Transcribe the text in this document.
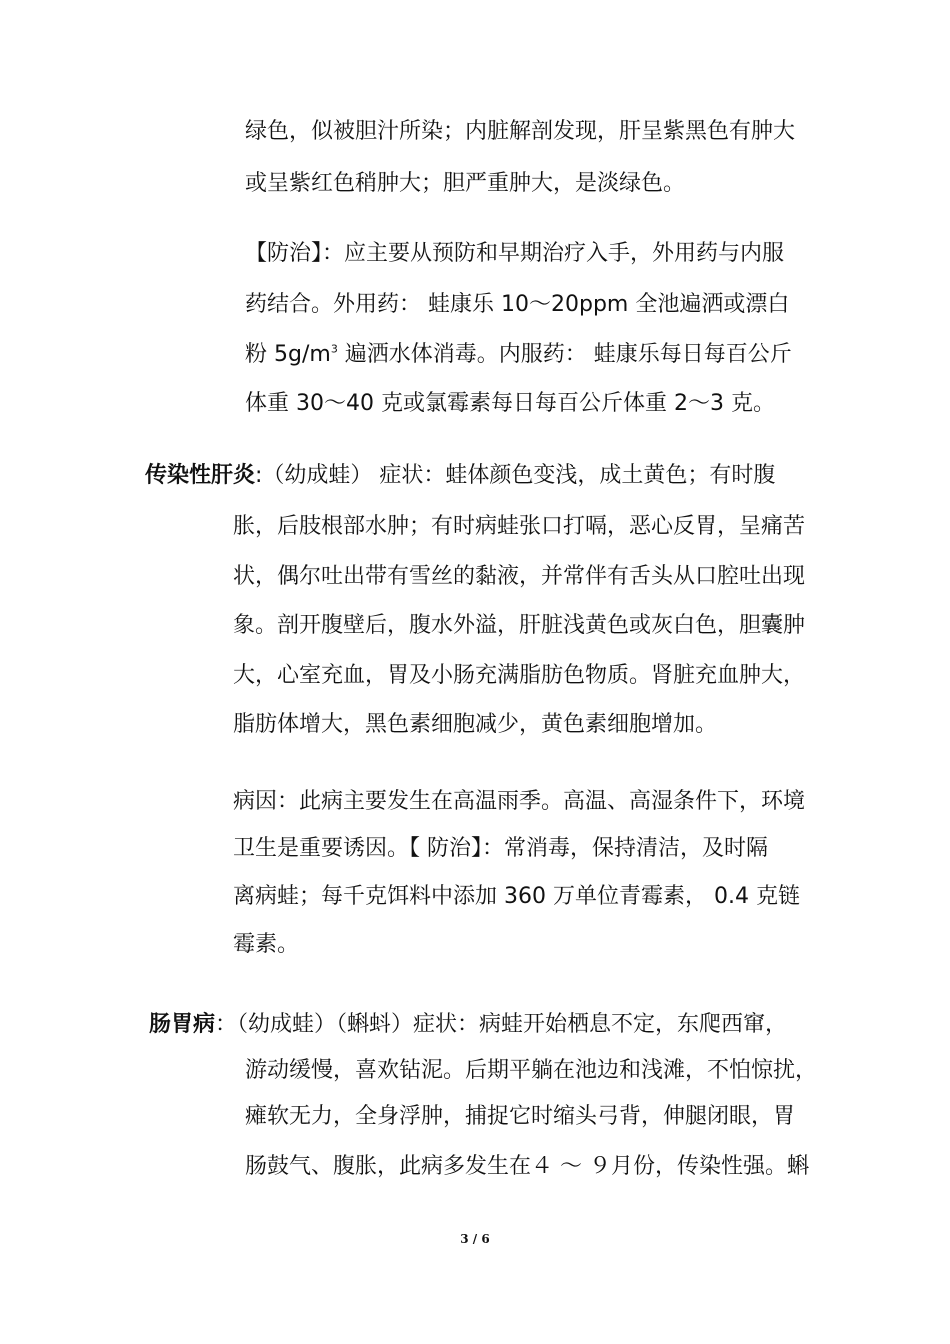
绿色，似被胆汁所染；内脏解剖发现，肝呈紫黑色有肿大
或呈紫红色稍肿大；胆严重肿大，是淡绿色。
【防治】：应主要从预防和早期治疗入手，外用药与内服
药结合。外用药： 蛙康乐 10～20ppm 全池遍洒或漂白
粉 $5g/m^3$ 遍洒水体消毒。内服药： 蛙康乐每日每百公斤
体重 30～40 克或氯霉素每日每百公斤体重 2～3 克。
传染性肝炎:（幼成蛙） 症状：蛙体颜色变浅，成土黄色；有时腹
胀，后肢根部水肿；有时病蛙张口打嗝，恶心反胃，呈痛苦
状，偶尔吐出带有雪丝的黏液，并常伴有舌头从口腔吐出现
象。剖开腹壁后，腹水外溢，肝脏浅黄色或灰白色，胆囊肿
大，心室充血，胃及小肠充满脂肪色物质。肾脏充血肿大，
脂肪体增大，黑色素细胞减少，黄色素细胞增加。
病因：此病主要发生在高温雨季。高温、高湿条件下，环境
卫生是重要诱因。【 防治】：常消毒，保持清洁，及时隔
离病蛙；每千克饵料中添加 360 万单位青霉素， 0.4 克链
霉素。
肠胃病：（幼成蛙）（蝌蚪）症状：病蛙开始栖息不定，东爬西窜，
游动缓慢，喜欢钻泥。后期平躺在池边和浅滩，不怕惊扰，
瘫软无力，全身浮肿，捕捉它时缩头弓背，伸腿闭眼，胃
肠鼓气、腹胀，此病多发生在４ ～ ９月份，传染性强。蝌
3 / 6
